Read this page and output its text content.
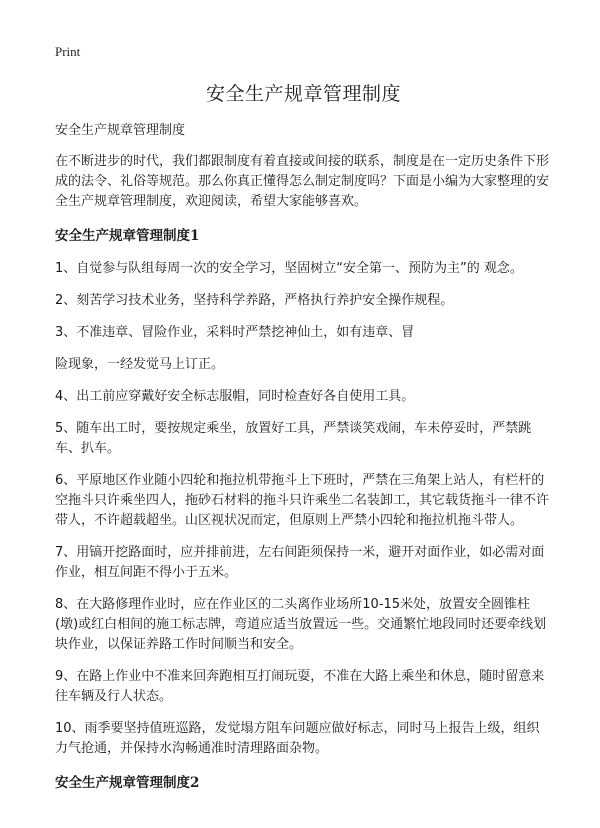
Print

安全生产规章管理制度

安全生产规章管理制度

在不断进步的时代，我们都跟制度有着直接或间接的联系，制度是在一定历史条件下形成的法令、礼俗等规范。那么你真正懂得怎么制定制度吗？下面是小编为大家整理的安全生产规章管理制度，欢迎阅读，希望大家能够喜欢。

安全生产规章管理制度1

1、自觉参与队组每周一次的安全学习，坚固树立“安全第一、预防为主”的 观念。

2、刻苦学习技术业务，坚持科学养路，严格执行养护安全操作规程。

3、不准违章、冒险作业，采料时严禁挖神仙土，如有违章、冒

险现象，一经发觉马上订正。

4、出工前应穿戴好安全标志服帽，同时检查好各自使用工具。

5、随车出工时，要按规定乘坐，放置好工具，严禁谈笑戏闹，车未停妥时，严禁跳车、扒车。

6、平原地区作业随小四轮和拖拉机带拖斗上下班时，严禁在三角架上站人，有栏杆的空拖斗只许乘坐四人，拖砂石材料的拖斗只许乘坐二名装卸工，其它载货拖斗一律不许带人，不许超载超坐。山区视状况而定，但原则上严禁小四轮和拖拉机拖斗带人。

7、用镐开挖路面时，应并排前进，左右间距须保持一米，避开对面作业，如必需对面作业，相互间距不得小于五米。

8、在大路修理作业时，应在作业区的二头离作业场所10-15米处，放置安全圆锥柱(墩)或红白相间的施工标志牌，弯道应适当放置远一些。交通繁忙地段同时还要牵线划块作业，以保证养路工作时间顺当和安全。

9、在路上作业中不准来回奔跑相互打闹玩耍，不准在大路上乘坐和休息，随时留意来往车辆及行人状态。

10、雨季要坚持值班巡路，发觉塌方阻车问题应做好标志，同时马上报告上级，组织力气抢通，并保持水沟畅通准时清理路面杂物。

安全生产规章管理制度2
